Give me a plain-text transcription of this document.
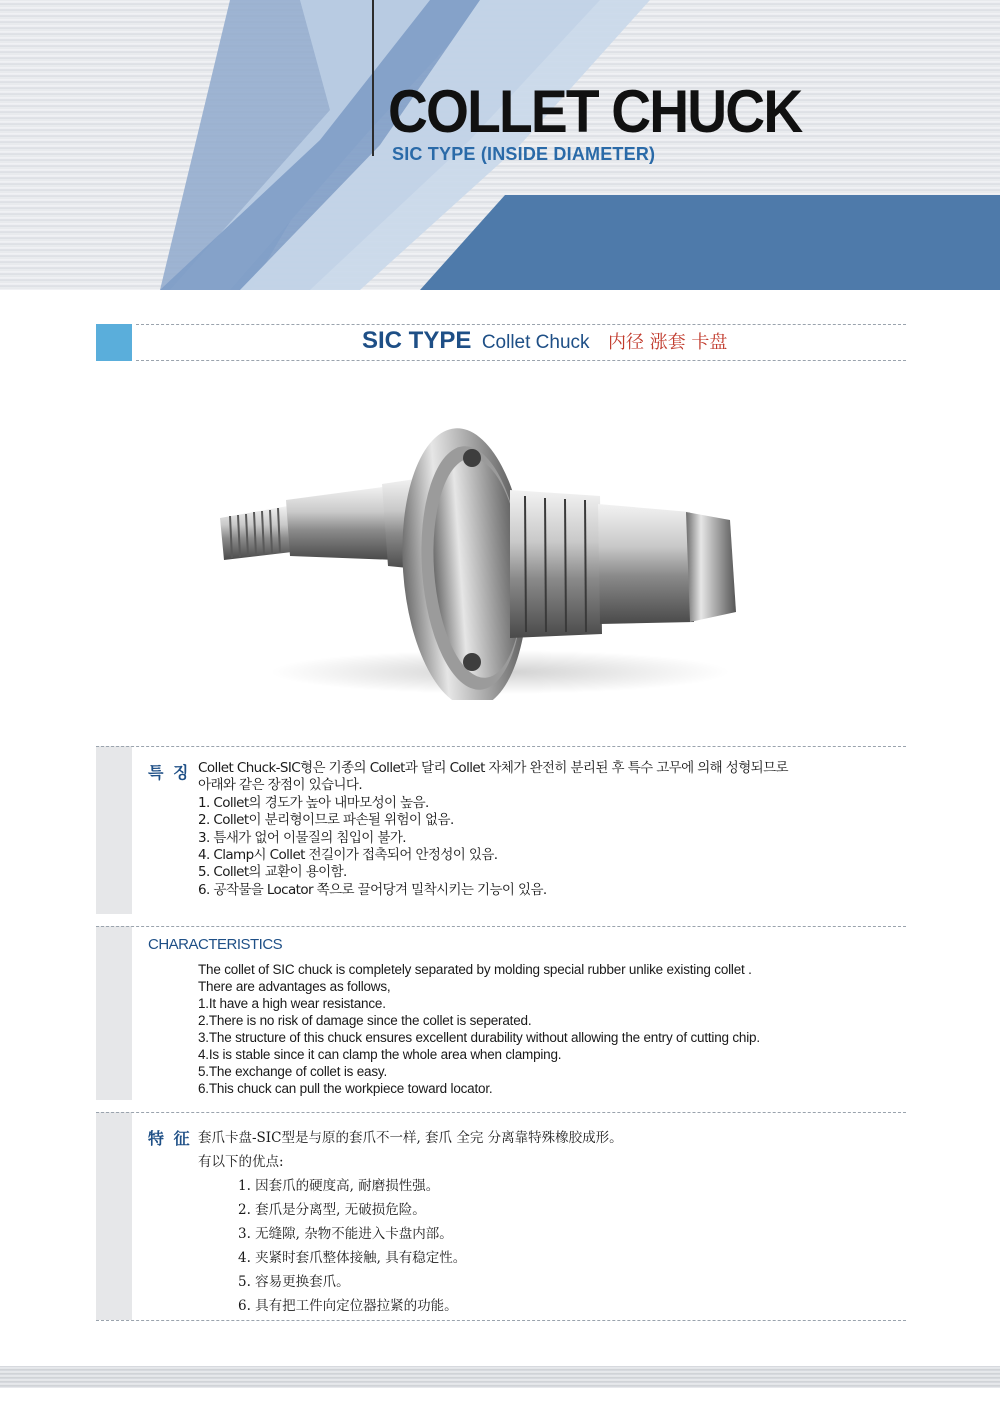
COLLET CHUCK
SIC TYPE (INSIDE DIAMETER)
SIC TYPE Collet Chuck 内径 涨套 卡盘
특 징 Collet Chuck-SIC형은 기종의 Collet과 달리 Collet 자체가 완전히 분리된 후 특수 고무에 의해 성형되므로
아래와 같은 장점이 있습니다.
1. Collet의 경도가 높아 내마모성이 높음.
2. Collet이 분리형이므로 파손될 위험이 없음.
3. 틈새가 없어 이물질의 침입이 불가.
4. Clamp시 Collet 전길이가 접촉되어 안정성이 있음.
5. Collet의 교환이 용이함.
6. 공작물을 Locator 쪽으로 끌어당겨 밀착시키는 기능이 있음.
CHARACTERISTICS
The collet of SIC chuck is completely separated by molding special rubber unlike existing collet .
There are advantages as follows,
1.It have a high wear resistance.
2.There is no risk of damage since the collet is seperated.
3.The structure of this chuck ensures excellent durability without allowing the entry of cutting chip.
4.Is is stable since it can clamp the whole area when clamping.
5.The exchange of collet is easy.
6.This chuck can pull the workpiece toward locator.
特 征 套爪卡盘-SIC型是与原的套爪不一样, 套爪 全完 分离靠特殊橡胶成形。
有以下的优点:
1. 因套爪的硬度高, 耐磨损性强。
2. 套爪是分离型, 无破损危险。
3. 无缝隙, 杂物不能进入卡盘内部。
4. 夹紧时套爪整体接触, 具有稳定性。
5. 容易更换套爪。
6. 具有把工件向定位器拉紧的功能。
